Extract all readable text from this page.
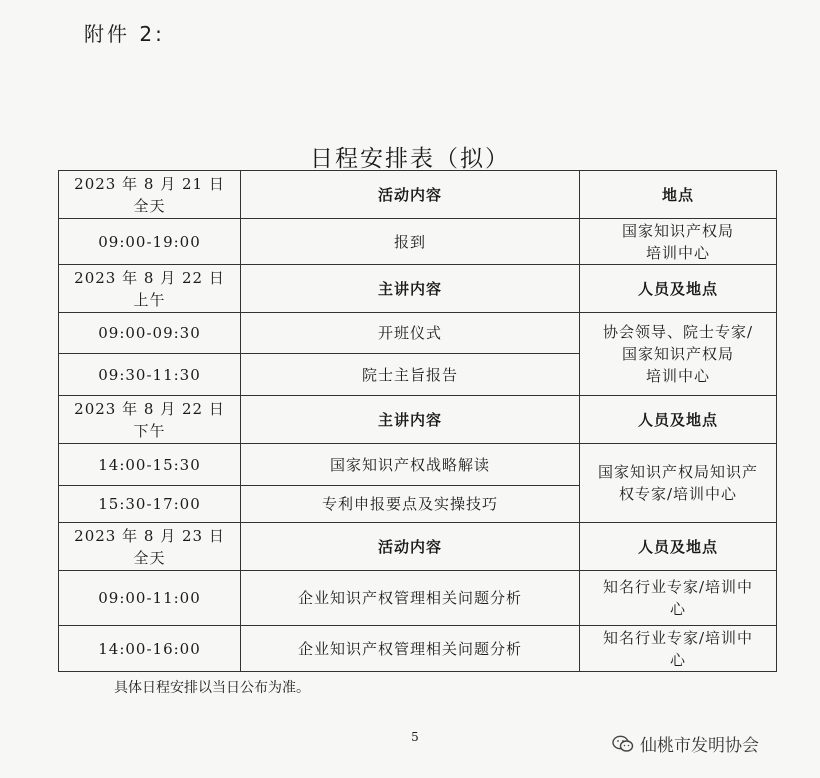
附件 2:
日程安排表（拟）
2023 年 8 月 21 日
全天	活动内容	地点
09:00-19:00	报到	国家知识产权局
培训中心

2023 年 8 月 22 日
上午	主讲内容	人员及地点
09:00-09:30	开班仪式	协会领导、院士专家/
国家知识产权局
培训中心

09:30-11:30	院士主旨报告	

2023 年 8 月 22 日
下午	主讲内容	人员及地点
14:00-15:30	国家知识产权战略解读	国家知识产权局知识产
权专家/培训中心

15:30-17:00	专利申报要点及实操技巧	

2023 年 8 月 23 日
全天	活动内容	人员及地点
09:00-11:00	企业知识产权管理相关问题分析	知名行业专家/培训中
心

14:00-16:00	企业知识产权管理相关问题分析	知名行业专家/培训中
心
具体日程安排以当日公布为准。
5	仙桃市发明协会
